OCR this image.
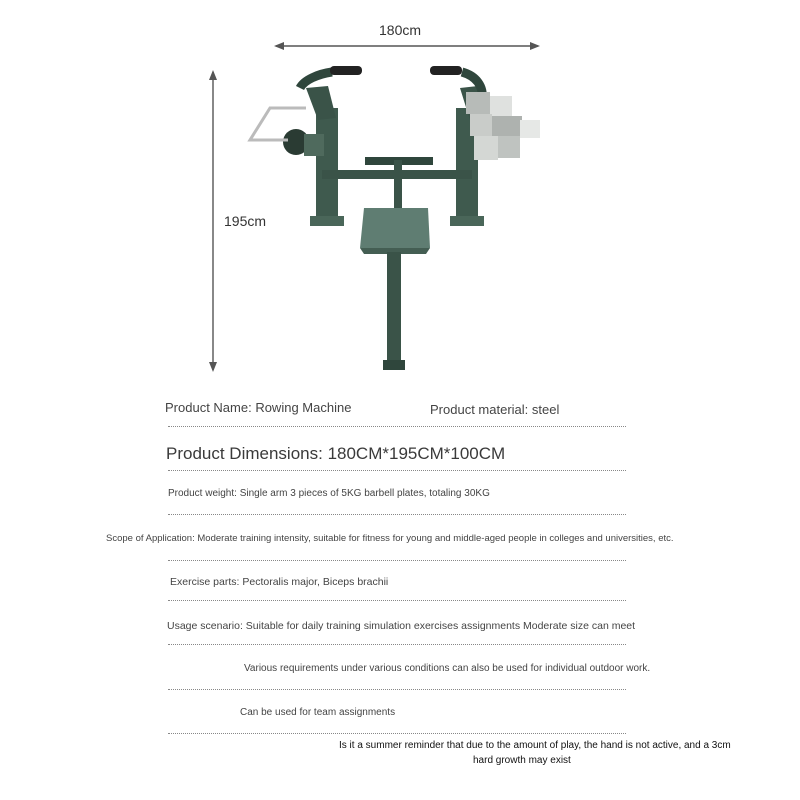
180cm
195cm
Product Name: Rowing Machine	Product material: steel
Product Dimensions: 180CM*195CM*100CM
Product weight: Single arm 3 pieces of 5KG barbell plates, totaling 30KG
Scope of Application: Moderate training intensity, suitable for fitness for young and middle-aged people in colleges and universities, etc.
Exercise parts: Pectoralis major, Biceps brachii
Usage scenario: Suitable for daily training simulation exercises assignments Moderate size can meet
Various requirements under various conditions can also be used for individual outdoor work.
Can be used for team assignments
Is it a summer reminder that due to the amount of play, the hand is not active, and a 3cm
hard growth may exist
